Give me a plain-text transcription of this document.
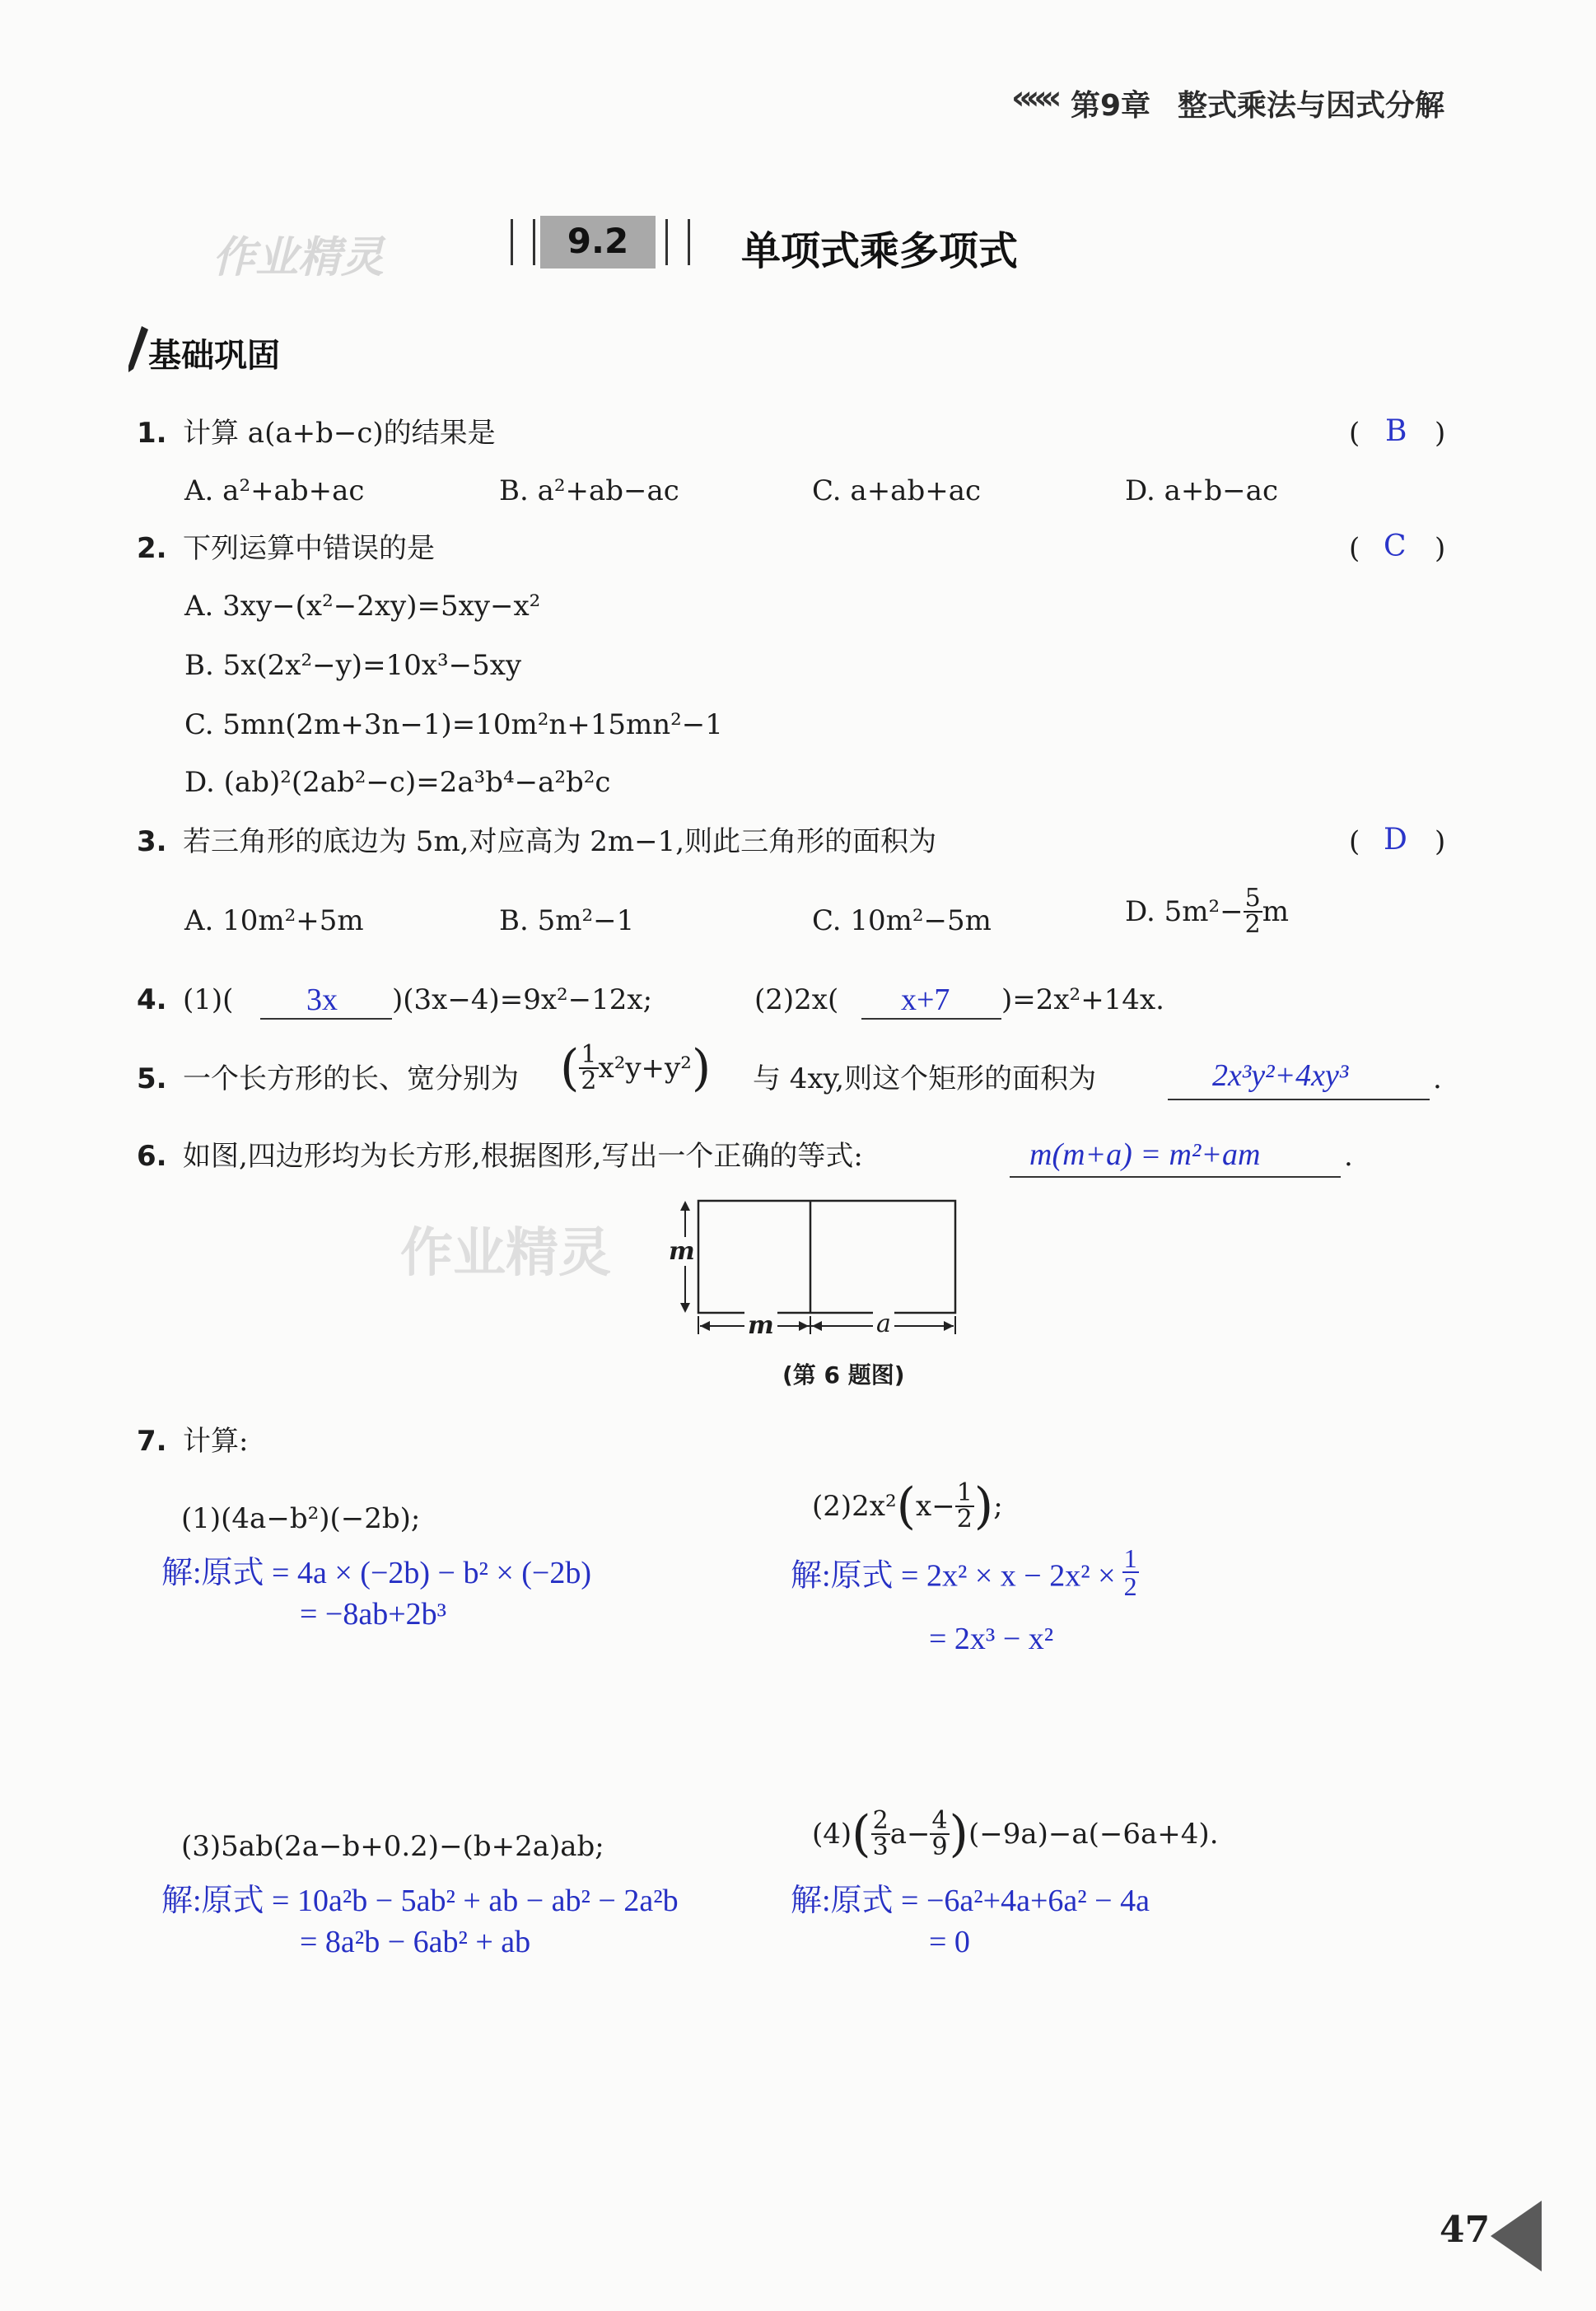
««« 第9章 整式乘法与因式分解
作业精灵	9.2	单项式乘多项式
基础巩固
1. 计算 a(a+b−c)的结果是	( B )
A. a²+ab+ac	B. a²+ab−ac	C. a+ab+ac	D. a+b−ac
2. 下列运算中错误的是	( C )
A. 3xy−(x²−2xy)=5xy−x²
B. 5x(2x²−y)=10x³−5xy
C. 5mn(2m+3n−1)=10m²n+15mn²−1
D. (ab)²(2ab²−c)=2a³b⁴−a²b²c
3. 若三角形的底边为 5m,对应高为 2m−1,则此三角形的面积为	( D )
A. 10m²+5m	B. 5m²−1	C. 10m²−5m	D. $5m^2- \frac{5}{2}$ m
4. (1)( 3x )(3x−4)=9x²−12x;	(2)2x( x+7 )=2x²+14x.
5. 一个长方形的长、宽分别为 ( $\frac{1}{2} x^2y+y^2$) 与 4xy,则这个矩形的面积为	2x³y²+4xy³	.
6. 如图,四边形均为长方形,根据图形,写出一个正确的等式:	m(m+a) = m²+am	.
作业精灵 m
m	a
(第 6 题图)
7. 计算:
(1)(4a−b²)(−2b);
解:原式 = 4a × (−2b) − b² × (−2b)
= −8ab+2b³
$(2)2x^2(x- \frac{1}{2}$ );
解:原式 = $2x^2 \times x - 2x^2 \times \frac{1}{2}$
= 2x³ − x²
(3)5ab(2a−b+0.2)−(b+2a)ab;
解:原式 = 10a²b − 5ab² + ab − ab² − 2a²b
= 8a²b − 6ab² + ab
$(4)( \frac{2}{3} a- \frac{4}{9} )(-9a)-a(-6a+4)$.
解:原式 = −6a²+4a+6a² − 4a
= 0
47
